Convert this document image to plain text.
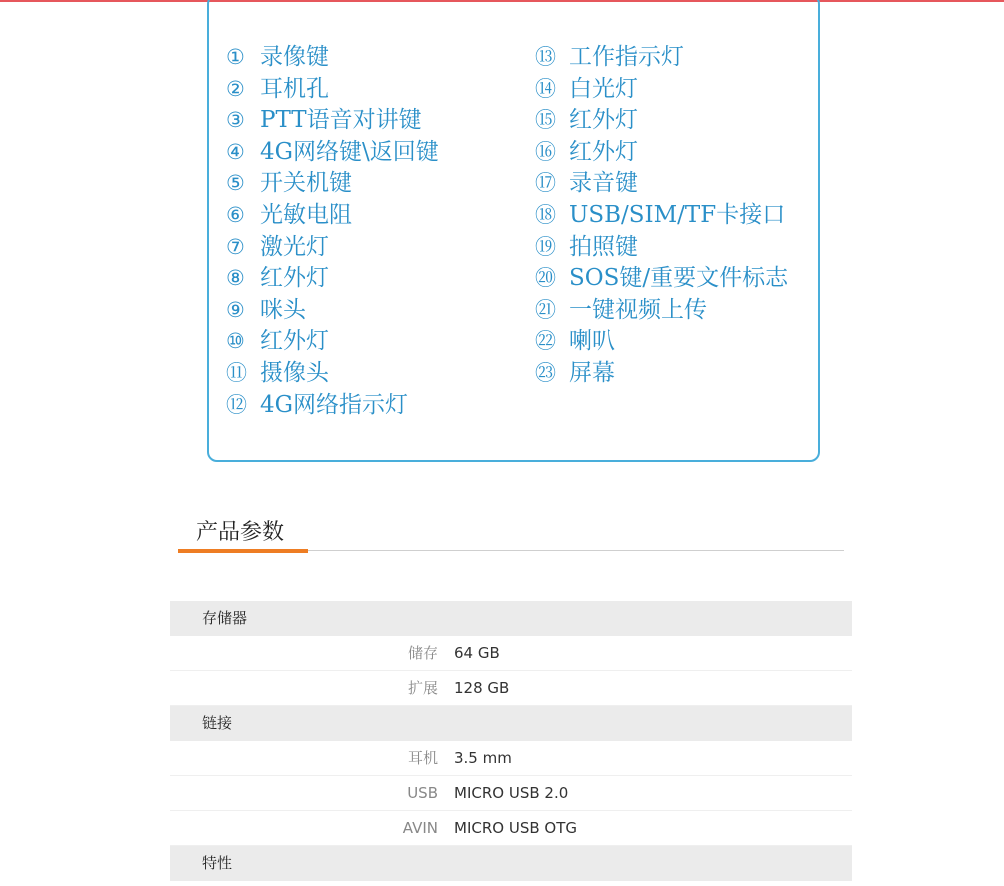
① 录像键
② 耳机孔
③ PTT语音对讲键
④ 4G网络键\返回键
⑤ 开关机键
⑥ 光敏电阻
⑦ 激光灯
⑧ 红外灯
⑨ 咪头
⑩ 红外灯
⑪ 摄像头
⑫ 4G网络指示灯
⑬ 工作指示灯
⑭ 白光灯
⑮ 红外灯
⑯ 红外灯
⑰ 录音键
⑱ USB/SIM/TF卡接口
⑲ 拍照键
⑳ SOS键/重要文件标志
㉑ 一键视频上传
㉒ 喇叭
㉓ 屏幕
产品参数
存储器
储存 64 GB
扩展 128 GB
链接
耳机 3.5 mm
USB MICRO USB 2.0
AVIN MICRO USB OTG
特性
